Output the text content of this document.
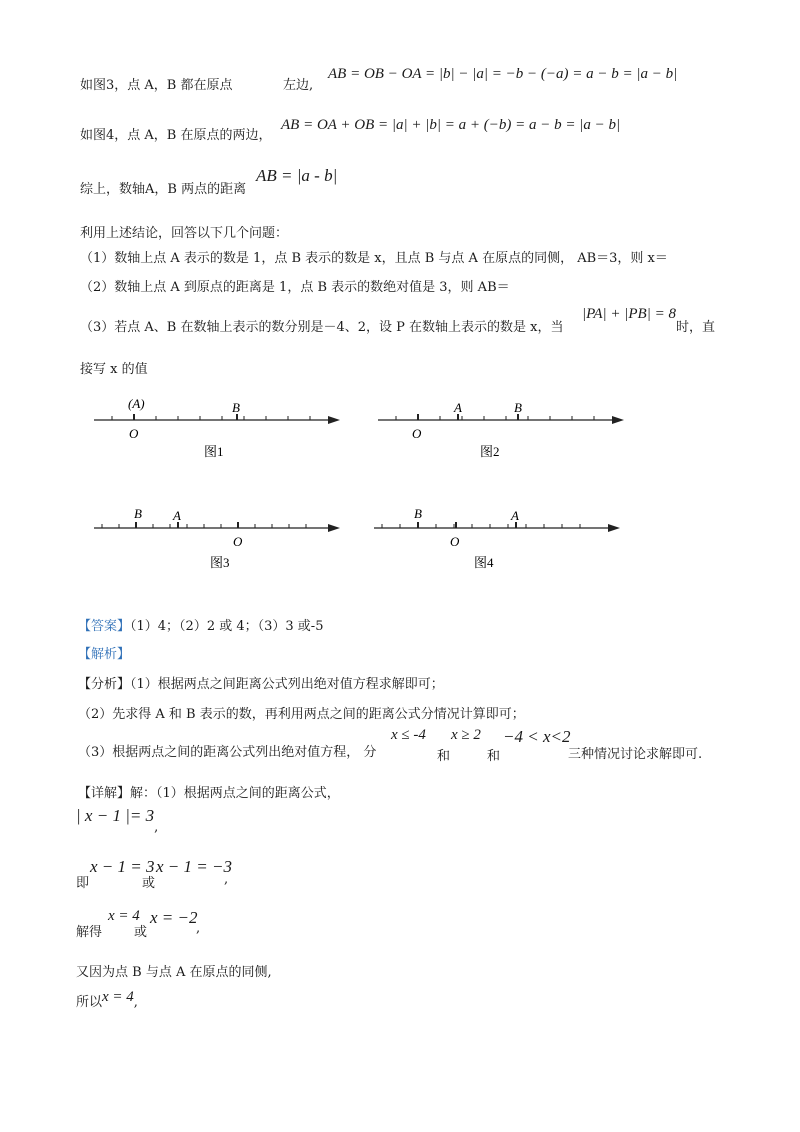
如图3，点 A，B 都在原点	左边,
AB = OB − OA = |b| − |a| = −b − (−a) = a − b = |a − b|
如图4，点 A，B 在原点的两边，
AB = OA + OB = |a| + |b| = a + (−b) = a − b = |a − b|
综上，数轴A，B 两点的距离
AB = |a - b|
利用上述结论，回答以下几个问题：
（1）数轴上点 A 表示的数是 1，点 B 表示的数是 x，且点 B 与点 A 在原点的同侧， AB＝3，则 x＝
（2）数轴上点 A 到原点的距离是 1，点 B 表示的数绝对值是 3，则 AB＝
（3）若点 A、B 在数轴上表示的数分别是－4、2，设 P 在数轴上表示的数是 x，当
|PA| + |PB| = 8
时，直
接写 x 的值
(A)	B
O
图1
A	B
O
图2
B A
O
图3
B	A
O
图4
【答案】（1）4；（2）2 或 4；（3）3 或-5
【解析】
【分析】（1）根据两点之间距离公式列出绝对值方程求解即可；
（2）先求得 A 和 B 表示的数，再利用两点之间的距离公式分情况计算即可；
（3）根据两点之间的距离公式列出绝对值方程， 分
x ≤ -4
和
x ≥ 2
和
−4 < x<2
三种情况讨论求解即可.
【详解】解：（1）根据两点之间的距离公式，
| x − 1 |= 3,
即
x − 1 = 3
或
x − 1 = −3
,
解得
x = 4
或
x = −2
,
又因为点 B 与点 A 在原点的同侧,
所以x = 4,
